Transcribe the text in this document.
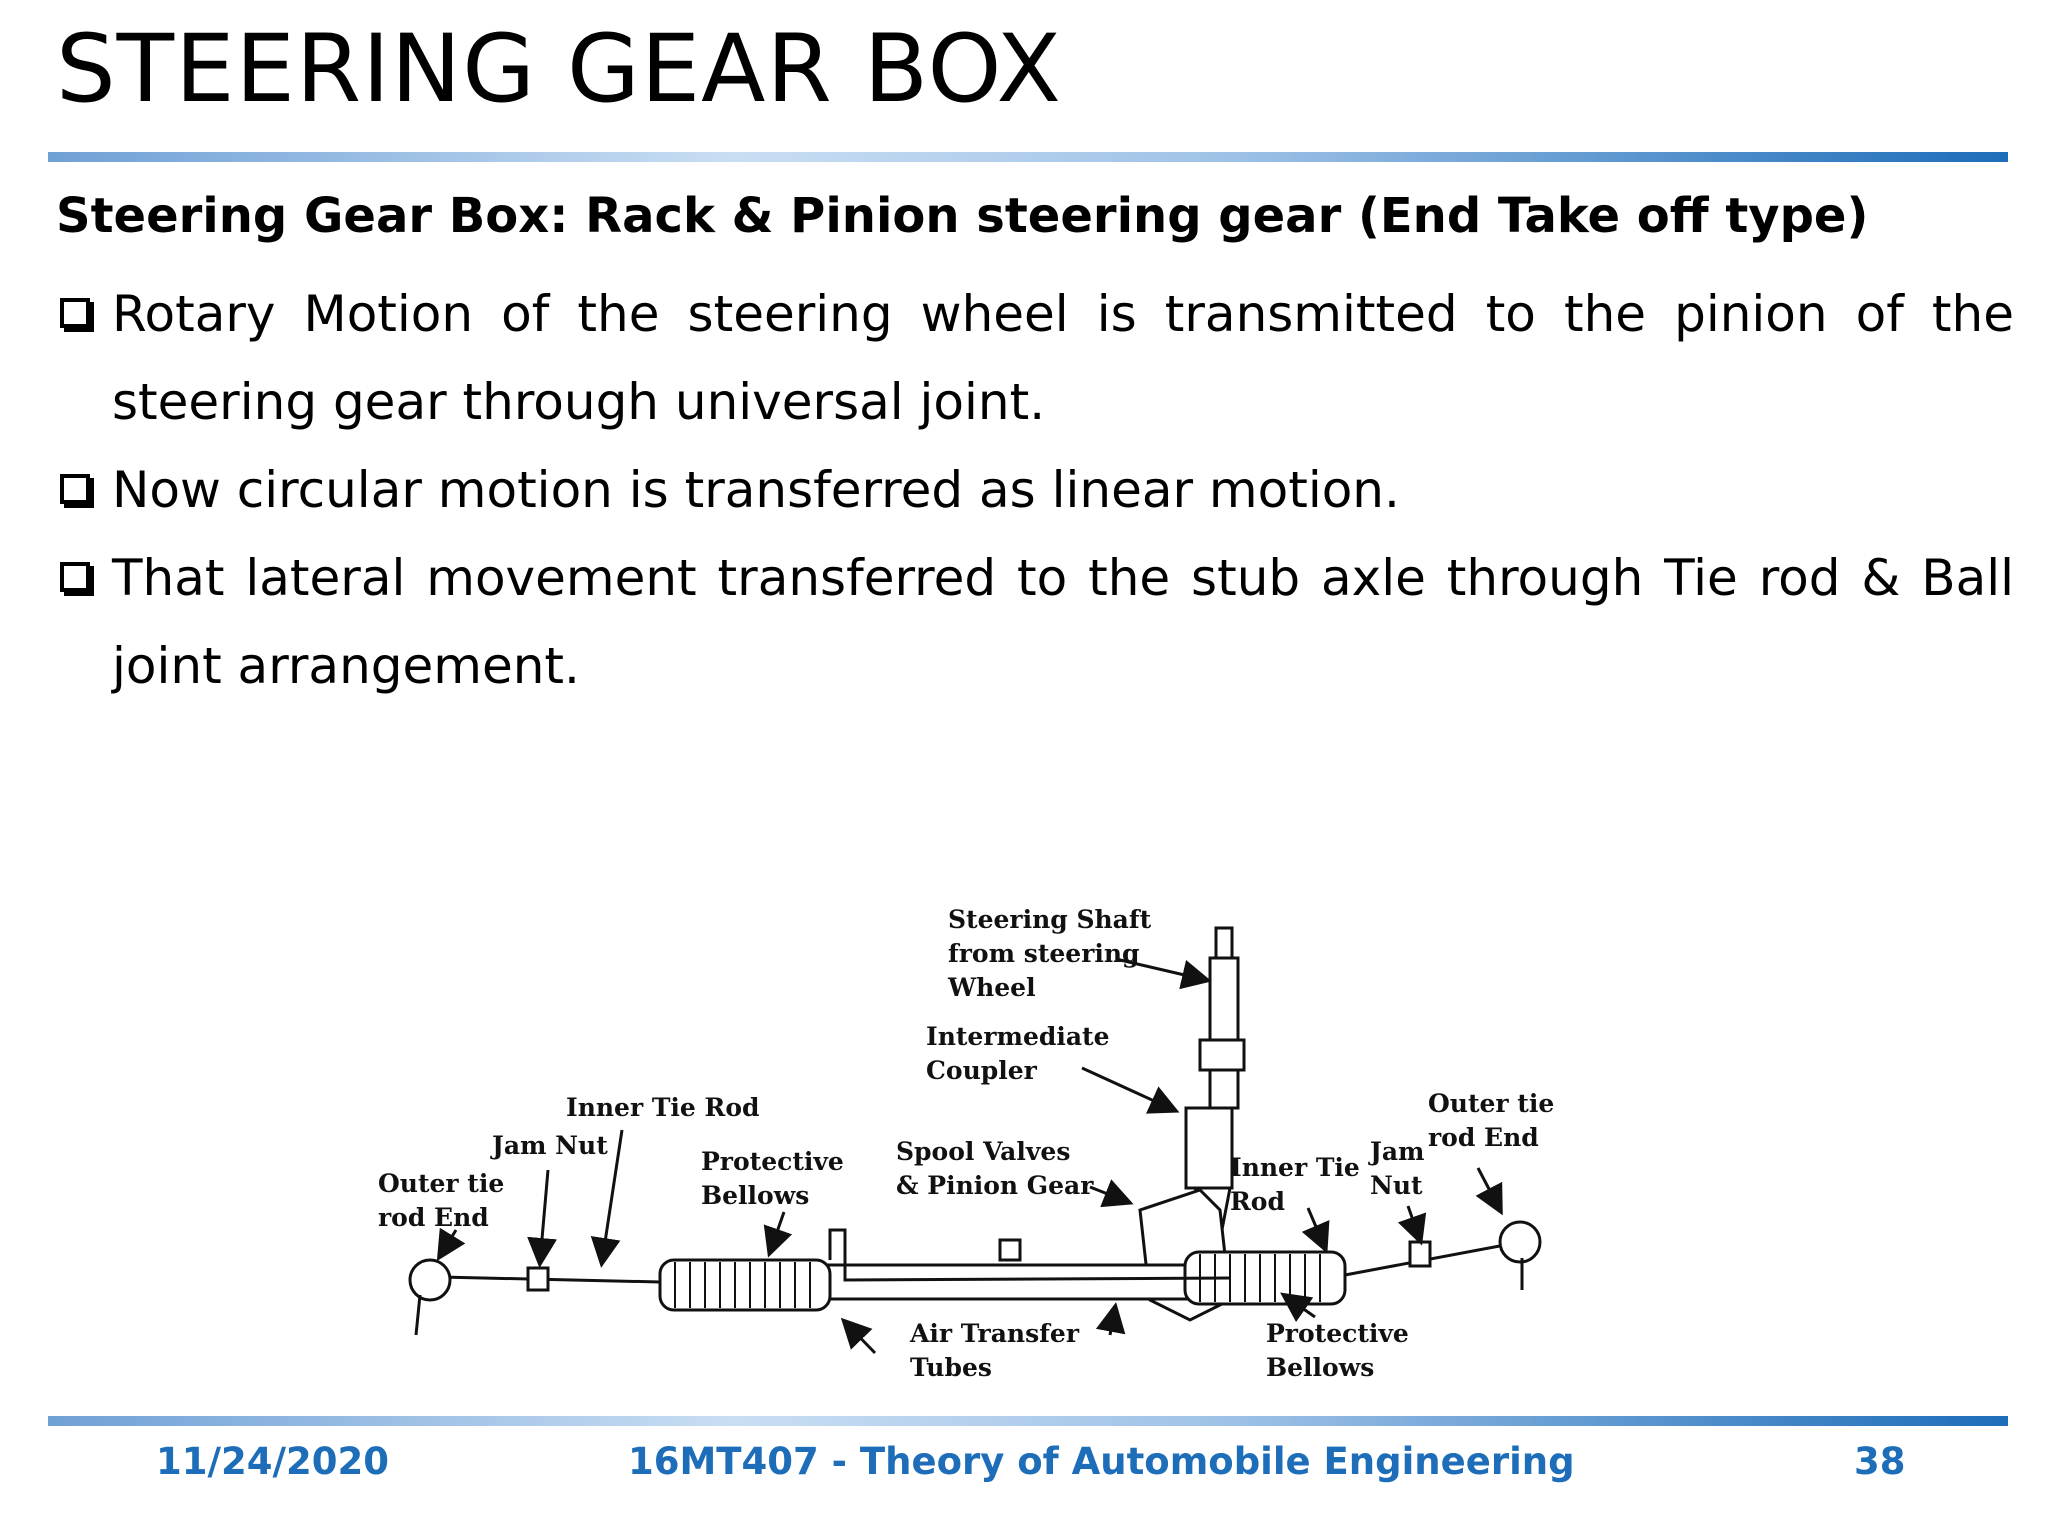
STEERING GEAR BOX
Steering Gear Box: Rack & Pinion steering gear (End Take off type)
Rotary Motion of the steering wheel is transmitted to the pinion of the steering gear through universal joint.
Now circular motion is transferred as linear motion.
That lateral movement transferred to the stub axle through Tie rod & Ball joint arrangement.
Steering Shaft
from steering
Wheel
Intermediate
Coupler
Inner Tie Rod
Jam Nut
Outer tie
rod End
Protective
Bellows
Spool Valves
& Pinion Gear
Inner Tie
Rod
Jam
Nut
Outer tie
rod End
Air Transfer
Tubes
Protective
Bellows
11/24/2020	16MT407 - Theory of Automobile Engineering	38
